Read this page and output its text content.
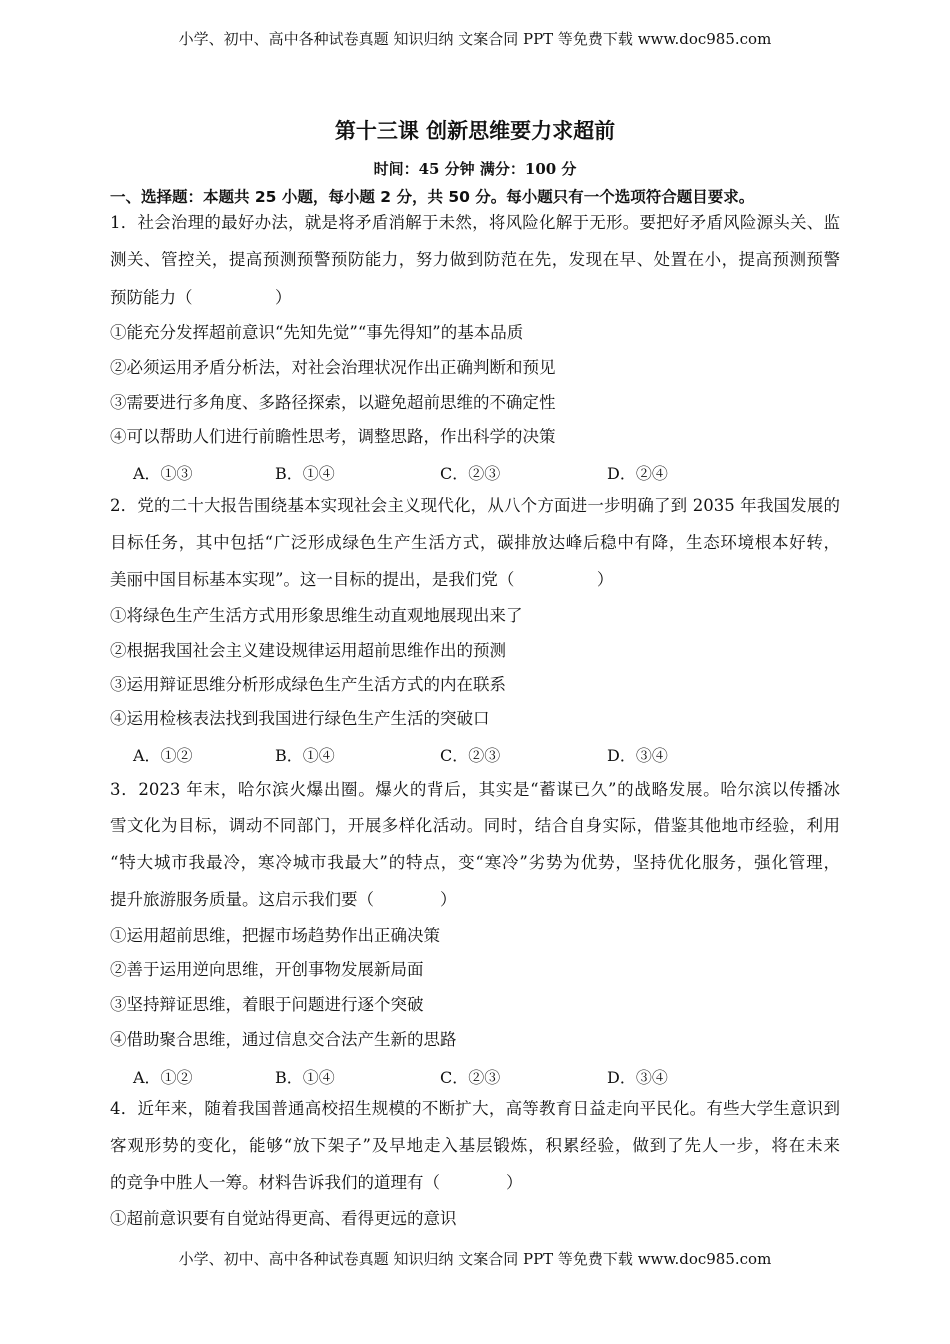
小学、初中、高中各种试卷真题 知识归纳 文案合同 PPT 等免费下载 www.doc985.com
第十三课 创新思维要力求超前
时间：45 分钟 满分：100 分
一、选择题：本题共 25 小题，每小题 2 分，共 50 分。每小题只有一个选项符合题目要求。
1．社会治理的最好办法，就是将矛盾消解于未然，将风险化解于无形。要把好矛盾风险源头关、监
测关、管控关，提高预测预警预防能力，努力做到防范在先，发现在早、处置在小，提高预测预警
预防能力（　　　　　）
①能充分发挥超前意识“先知先觉”“事先得知”的基本品质
②必须运用矛盾分析法，对社会治理状况作出正确判断和预见
③需要进行多角度、多路径探索，以避免超前思维的不确定性
④可以帮助人们进行前瞻性思考，调整思路，作出科学的决策
A．①③	B．①④	C．②③	D．②④
2．党的二十大报告围绕基本实现社会主义现代化，从八个方面进一步明确了到 2035 年我国发展的
目标任务，其中包括“广泛形成绿色生产生活方式，碳排放达峰后稳中有降，生态环境根本好转，
美丽中国目标基本实现”。这一目标的提出，是我们党（　　　　　）
①将绿色生产生活方式用形象思维生动直观地展现出来了
②根据我国社会主义建设规律运用超前思维作出的预测
③运用辩证思维分析形成绿色生产生活方式的内在联系
④运用检核表法找到我国进行绿色生产生活的突破口
A．①②	B．①④	C．②③	D．③④
3．2023 年末，哈尔滨火爆出圈。爆火的背后，其实是“蓄谋已久”的战略发展。哈尔滨以传播冰
雪文化为目标，调动不同部门，开展多样化活动。同时，结合自身实际，借鉴其他地市经验，利用
“特大城市我最冷，寒冷城市我最大”的特点，变“寒冷”劣势为优势，坚持优化服务，强化管理，
提升旅游服务质量。这启示我们要（　　　　）
①运用超前思维，把握市场趋势作出正确决策
②善于运用逆向思维，开创事物发展新局面
③坚持辩证思维，着眼于问题进行逐个突破
④借助聚合思维，通过信息交合法产生新的思路
A．①②	B．①④	C．②③	D．③④
4．近年来，随着我国普通高校招生规模的不断扩大，高等教育日益走向平民化。有些大学生意识到
客观形势的变化，能够“放下架子”及早地走入基层锻炼，积累经验，做到了先人一步，将在未来
的竞争中胜人一筹。材料告诉我们的道理有（　　　　）
①超前意识要有自觉站得更高、看得更远的意识
小学、初中、高中各种试卷真题 知识归纳 文案合同 PPT 等免费下载 www.doc985.com
